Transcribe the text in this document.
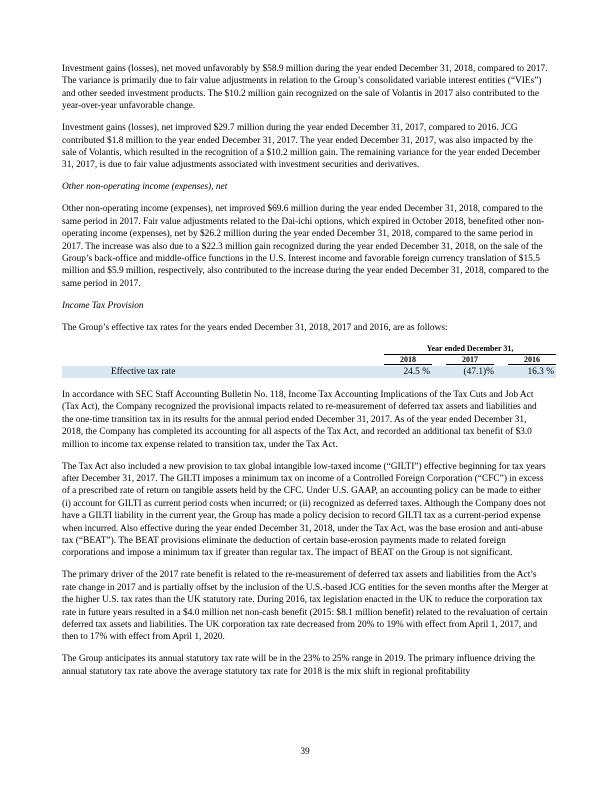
Investment gains (losses), net moved unfavorably by $58.9 million during the year ended December 31, 2018, compared to 2017. The variance is primarily due to fair value adjustments in relation to the Group’s consolidated variable interest entities (“VIEs”) and other seeded investment products. The $10.2 million gain recognized on the sale of Volantis in 2017 also contributed to the year-over-year unfavorable change.

Investment gains (losses), net improved $29.7 million during the year ended December 31, 2017, compared to 2016. JCG contributed $1.8 million to the year ended December 31, 2017. The year ended December 31, 2017, was also impacted by the sale of Volantis, which resulted in the recognition of a $10.2 million gain. The remaining variance for the year ended December 31, 2017, is due to fair value adjustments associated with investment securities and derivatives.

Other non-operating income (expenses), net

Other non-operating income (expenses), net improved $69.6 million during the year ended December 31, 2018, compared to the same period in 2017. Fair value adjustments related to the Dai-ichi options, which expired in October 2018, benefited other non-operating income (expenses), net by $26.2 million during the year ended December 31, 2018, compared to the same period in 2017. The increase was also due to a $22.3 million gain recognized during the year ended December 31, 2018, on the sale of the Group’s back-office and middle-office functions in the U.S. Interest income and favorable foreign currency translation of $15.5 million and $5.9 million, respectively, also contributed to the increase during the year ended December 31, 2018, compared to the same period in 2017.

Income Tax Provision

The Group’s effective tax rates for the years ended December 31, 2018, 2017 and 2016, are as follows:

Year ended December 31,
2018	2017	2016
Effective tax rate	24.5 %	(47.1)%	16.3 %

In accordance with SEC Staff Accounting Bulletin No. 118, Income Tax Accounting Implications of the Tax Cuts and Job Act (Tax Act), the Company recognized the provisional impacts related to re-measurement of deferred tax assets and liabilities and the one-time transition tax in its results for the annual period ended December 31, 2017. As of the year ended December 31, 2018, the Company has completed its accounting for all aspects of the Tax Act, and recorded an additional tax benefit of $3.0 million to income tax expense related to transition tax, under the Tax Act.

The Tax Act also included a new provision to tax global intangible low-taxed income (“GILTI”) effective beginning for tax years after December 31, 2017. The GILTI imposes a minimum tax on income of a Controlled Foreign Corporation (“CFC”) in excess of a prescribed rate of return on tangible assets held by the CFC. Under U.S. GAAP, an accounting policy can be made to either (i) account for GILTI as current period costs when incurred; or (ii) recognized as deferred taxes. Although the Company does not have a GILTI liability in the current year, the Group has made a policy decision to record GILTI tax as a current-period expense when incurred. Also effective during the year ended December 31, 2018, under the Tax Act, was the base erosion and anti-abuse tax (“BEAT”). The BEAT provisions eliminate the deduction of certain base-erosion payments made to related foreign corporations and impose a minimum tax if greater than regular tax. The impact of BEAT on the Group is not significant.

The primary driver of the 2017 rate benefit is related to the re-measurement of deferred tax assets and liabilities from the Act’s rate change in 2017 and is partially offset by the inclusion of the U.S.-based JCG entities for the seven months after the Merger at the higher U.S. tax rates than the UK statutory rate. During 2016, tax legislation enacted in the UK to reduce the corporation tax rate in future years resulted in a $4.0 million net non-cash benefit (2015: $8.1 million benefit) related to the revaluation of certain deferred tax assets and liabilities. The UK corporation tax rate decreased from 20% to 19% with effect from April 1, 2017, and then to 17% with effect from April 1, 2020.

The Group anticipates its annual statutory tax rate will be in the 23% to 25% range in 2019. The primary influence driving the annual statutory tax rate above the average statutory tax rate for 2018 is the mix shift in regional profitability

39
